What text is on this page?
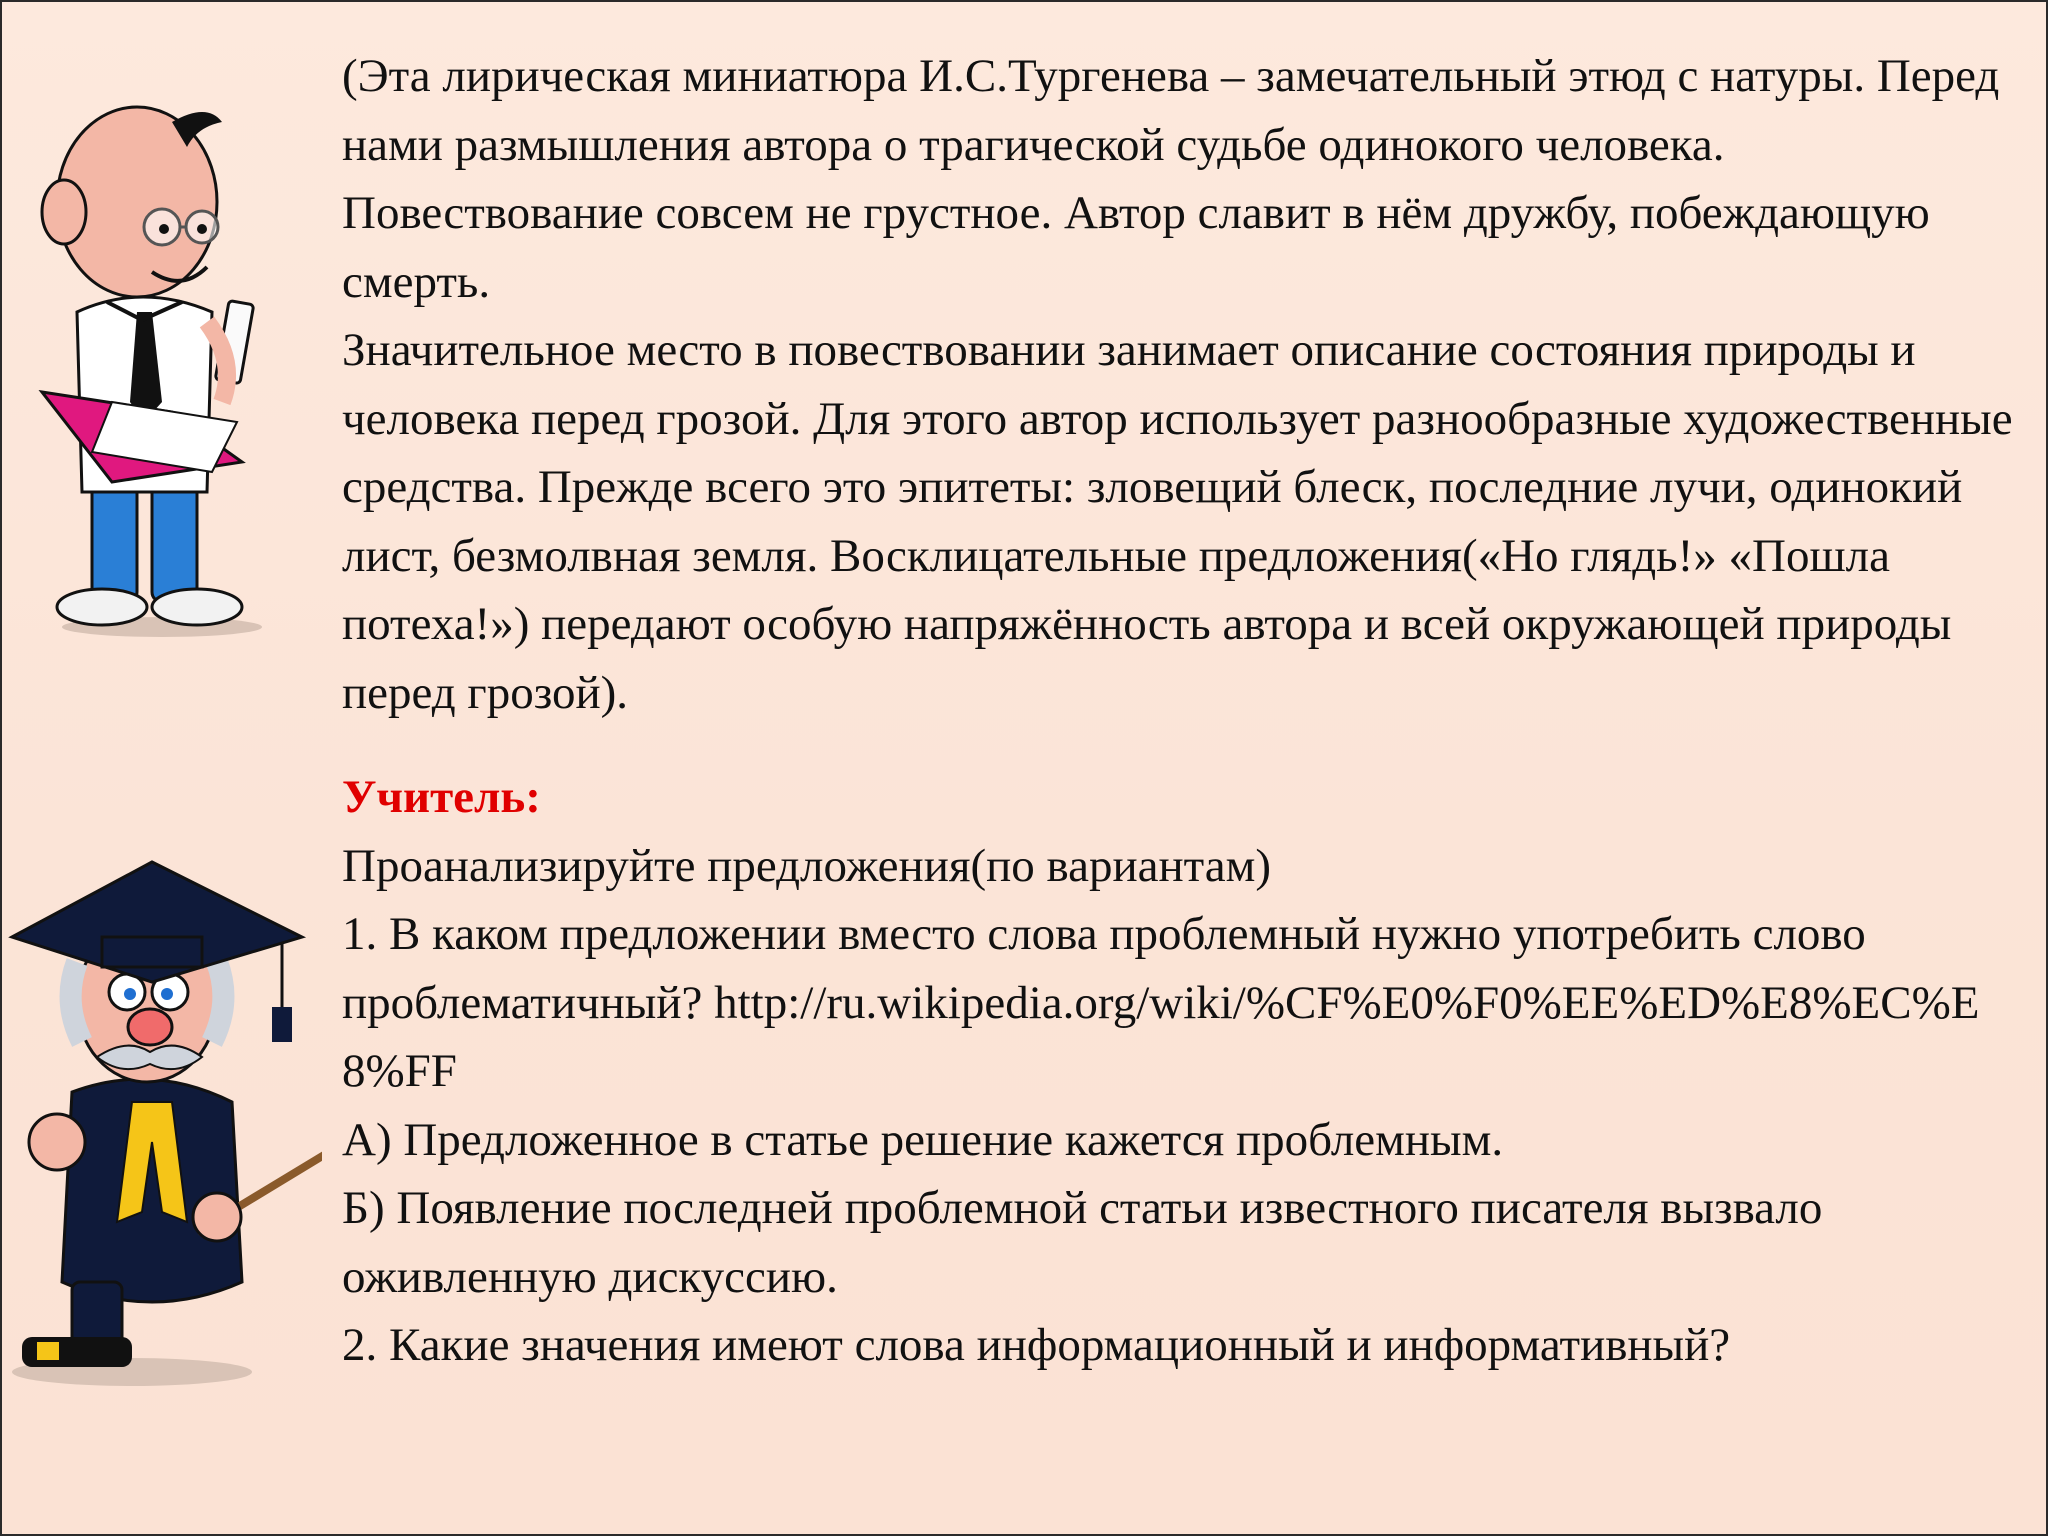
(Эта лирическая миниатюра И.С.Тургенева – замечательный этюд с натуры. Перед нами размышления автора о трагической судьбе одинокого человека. Повествование совсем не грустное. Автор славит в нём дружбу, побеждающую смерть.

Значительное место в повествовании занимает описание состояния природы и человека перед грозой. Для этого автор использует разнообразные художественные средства. Прежде всего это эпитеты: зловещий блеск, последние лучи, одинокий лист, безмолвная земля. Восклицательные предложения(«Но глядь!» «Пошла потеха!») передают особую напряжённость автора и всей окружающей природы перед грозой).

Учитель:

Проанализируйте предложения(по вариантам)

1. В каком предложении вместо слова проблемный нужно употребить слово проблематичный? http://ru.wikipedia.org/wiki/%CF%E0%F0%EE%ED%E8%EC%E8%FF

А) Предложенное в статье решение кажется проблемным.

Б) Появление последней проблемной статьи известного писателя вызвало оживленную дискуссию.

2. Какие значения имеют слова информационный и информативный?
